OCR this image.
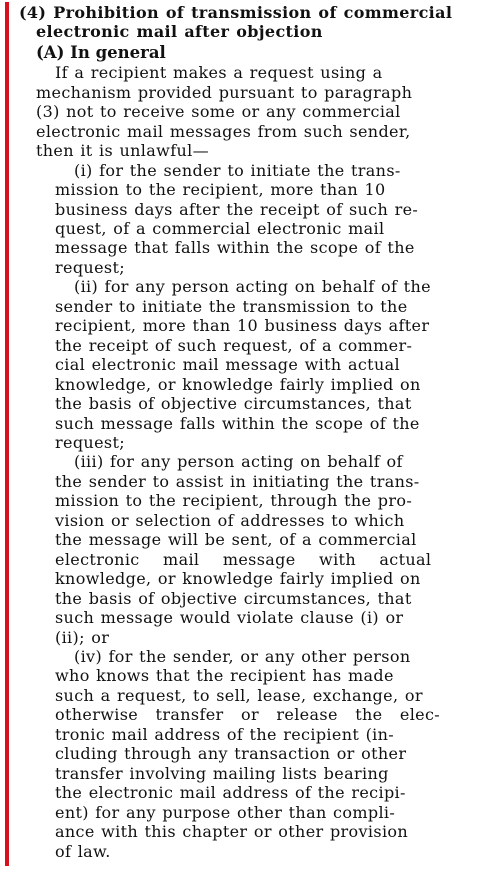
(4) Prohibition of transmission of commercial
electronic mail after objection
(A) In general
If a recipient makes a request using a
mechanism provided pursuant to paragraph
(3) not to receive some or any commercial
electronic mail messages from such sender,
then it is unlawful—
(i) for the sender to initiate the trans-
mission to the recipient, more than 10
business days after the receipt of such re-
quest, of a commercial electronic mail
message that falls within the scope of the
request;
(ii) for any person acting on behalf of the
sender to initiate the transmission to the
recipient, more than 10 business days after
the receipt of such request, of a commer-
cial electronic mail message with actual
knowledge, or knowledge fairly implied on
the basis of objective circumstances, that
such message falls within the scope of the
request;
(iii) for any person acting on behalf of
the sender to assist in initiating the trans-
mission to the recipient, through the pro-
vision or selection of addresses to which
the message will be sent, of a commercial
electronic mail message with actual
knowledge, or knowledge fairly implied on
the basis of objective circumstances, that
such message would violate clause (i) or
(ii); or
(iv) for the sender, or any other person
who knows that the recipient has made
such a request, to sell, lease, exchange, or
otherwise transfer or release the elec-
tronic mail address of the recipient (in-
cluding through any transaction or other
transfer involving mailing lists bearing
the electronic mail address of the recipi-
ent) for any purpose other than compli-
ance with this chapter or other provision
of law.
